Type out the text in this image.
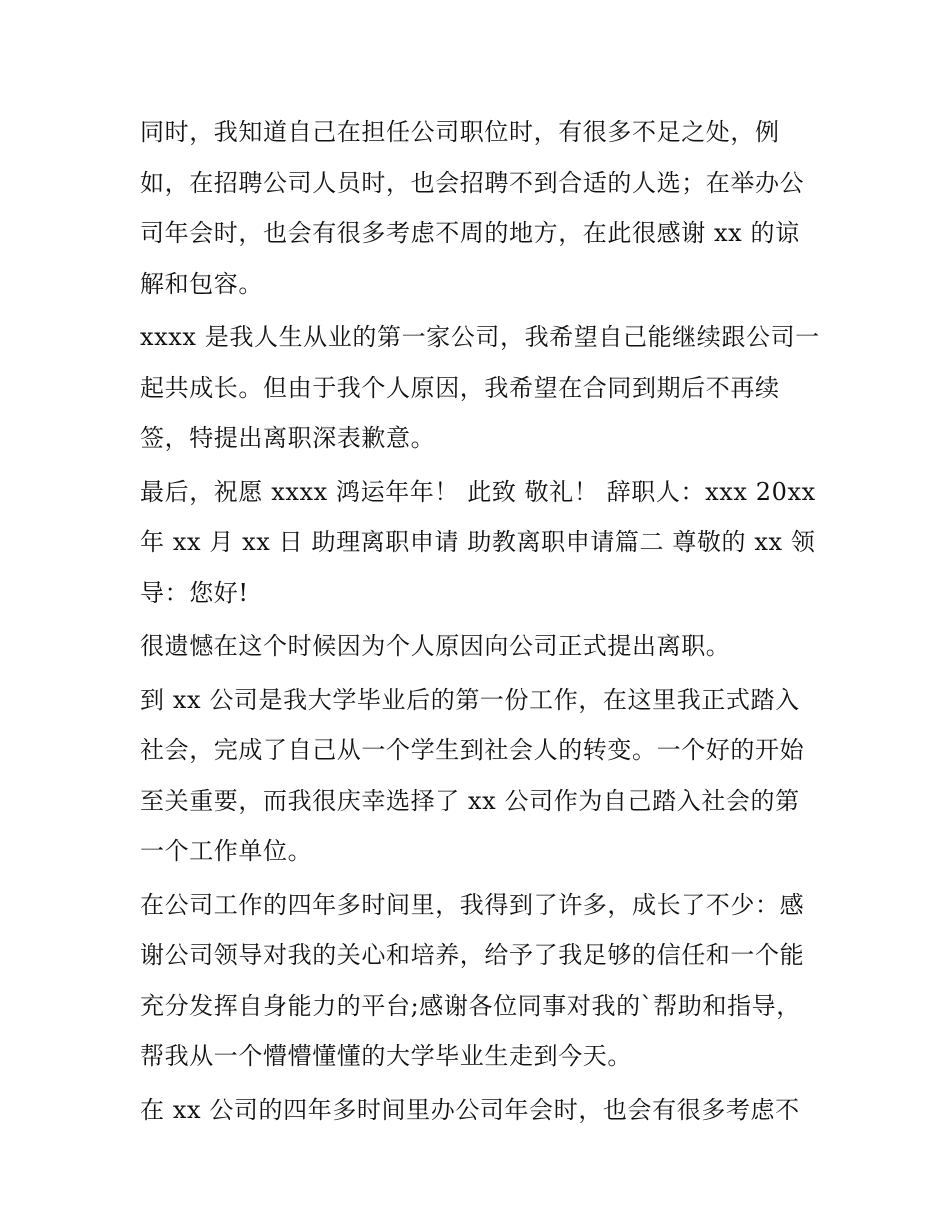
同时，我知道自己在担任公司职位时，有很多不足之处，例如，在招聘公司人员时，也会招聘不到合适的人选；在举办公司年会时，也会有很多考虑不周的地方，在此很感谢 xx 的谅解和包容。

xxxx 是我人生从业的第一家公司，我希望自己能继续跟公司一起共成长。但由于我个人原因，我希望在合同到期后不再续签，特提出离职深表歉意。

最后，祝愿 xxxx 鸿运年年！ 此致 敬礼！ 辞职人：xxx 20xx 年 xx 月 xx 日 助理离职申请 助教离职申请篇二 尊敬的 xx 领导：您好!

很遗憾在这个时候因为个人原因向公司正式提出离职。

到 xx 公司是我大学毕业后的第一份工作，在这里我正式踏入社会，完成了自己从一个学生到社会人的转变。一个好的开始至关重要，而我很庆幸选择了 xx 公司作为自己踏入社会的第一个工作单位。

在公司工作的四年多时间里，我得到了许多，成长了不少：感谢公司领导对我的关心和培养，给予了我足够的信任和一个能充分发挥自身能力的平台;感谢各位同事对我的`帮助和指导，帮我从一个懵懵懂懂的大学毕业生走到今天。

在 xx 公司的四年多时间里办公司年会时，也会有很多考虑不
